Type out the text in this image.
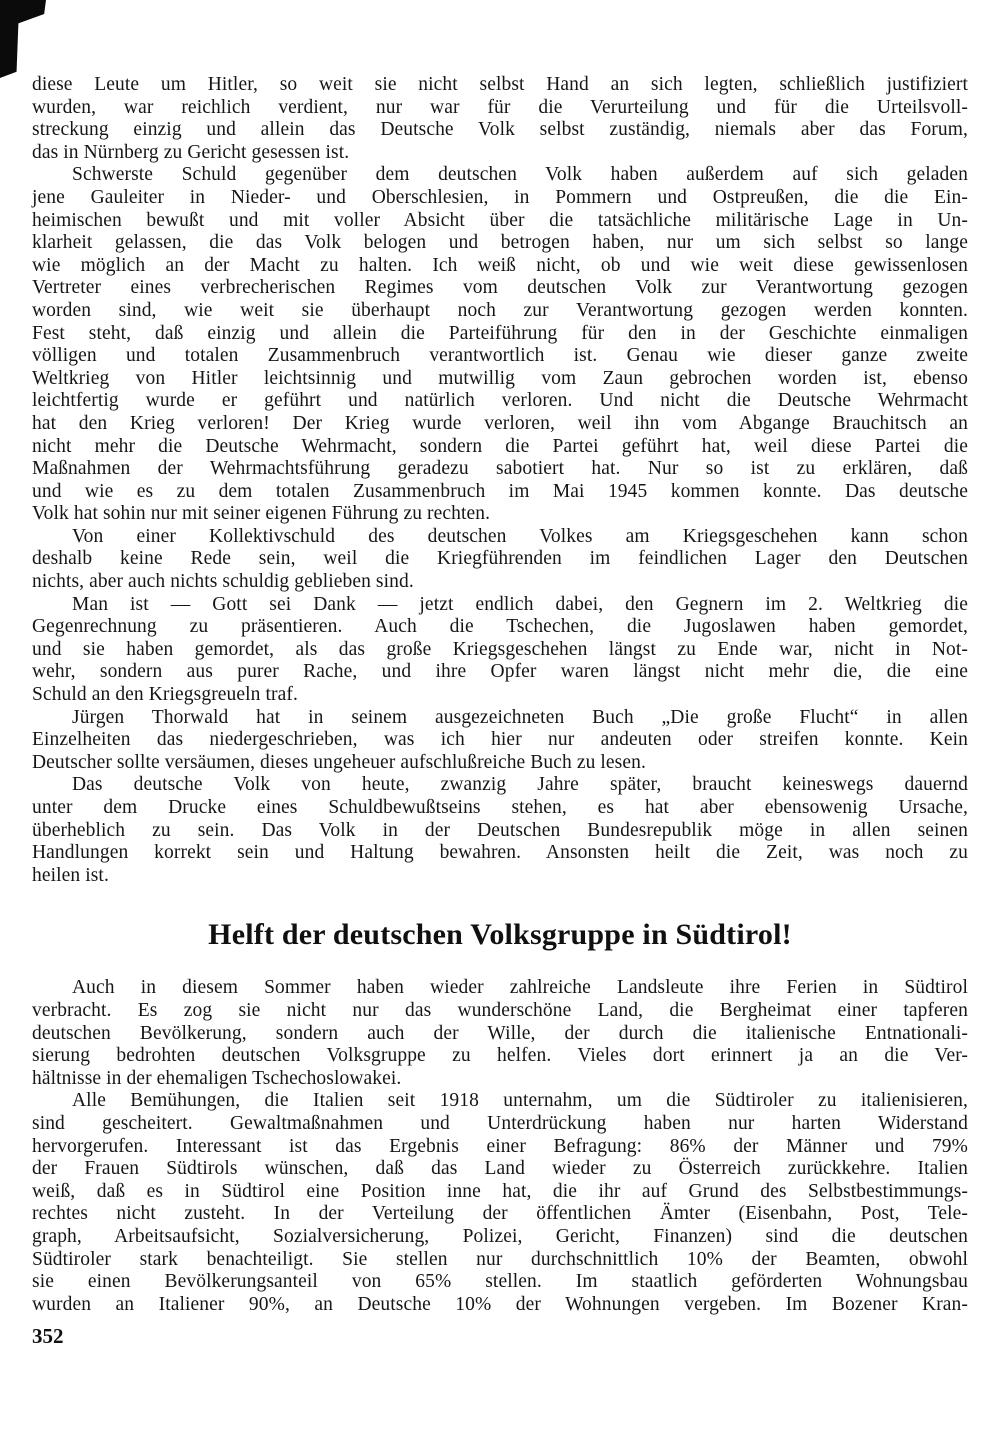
diese Leute um Hitler, so weit sie nicht selbst Hand an sich legten, schließlich justifiziert
wurden, war reichlich verdient, nur war für die Verurteilung und für die Urteilsvoll-
streckung einzig und allein das Deutsche Volk selbst zuständig, niemals aber das Forum,
das in Nürnberg zu Gericht gesessen ist.
Schwerste Schuld gegenüber dem deutschen Volk haben außerdem auf sich geladen
jene Gauleiter in Nieder- und Oberschlesien, in Pommern und Ostpreußen, die die Ein-
heimischen bewußt und mit voller Absicht über die tatsächliche militärische Lage in Un-
klarheit gelassen, die das Volk belogen und betrogen haben, nur um sich selbst so lange
wie möglich an der Macht zu halten. Ich weiß nicht, ob und wie weit diese gewissenlosen
Vertreter eines verbrecherischen Regimes vom deutschen Volk zur Verantwortung gezogen
worden sind, wie weit sie überhaupt noch zur Verantwortung gezogen werden konnten.
Fest steht, daß einzig und allein die Parteiführung für den in der Geschichte einmaligen
völligen und totalen Zusammenbruch verantwortlich ist. Genau wie dieser ganze zweite
Weltkrieg von Hitler leichtsinnig und mutwillig vom Zaun gebrochen worden ist, ebenso
leichtfertig wurde er geführt und natürlich verloren. Und nicht die Deutsche Wehrmacht
hat den Krieg verloren! Der Krieg wurde verloren, weil ihn vom Abgange Brauchitsch an
nicht mehr die Deutsche Wehrmacht, sondern die Partei geführt hat, weil diese Partei die
Maßnahmen der Wehrmachtsführung geradezu sabotiert hat. Nur so ist zu erklären, daß
und wie es zu dem totalen Zusammenbruch im Mai 1945 kommen konnte. Das deutsche
Volk hat sohin nur mit seiner eigenen Führung zu rechten.
Von einer Kollektivschuld des deutschen Volkes am Kriegsgeschehen kann schon
deshalb keine Rede sein, weil die Kriegführenden im feindlichen Lager den Deutschen
nichts, aber auch nichts schuldig geblieben sind.
Man ist — Gott sei Dank — jetzt endlich dabei, den Gegnern im 2. Weltkrieg die
Gegenrechnung zu präsentieren. Auch die Tschechen, die Jugoslawen haben gemordet,
und sie haben gemordet, als das große Kriegsgeschehen längst zu Ende war, nicht in Not-
wehr, sondern aus purer Rache, und ihre Opfer waren längst nicht mehr die, die eine
Schuld an den Kriegsgreueln traf.
Jürgen Thorwald hat in seinem ausgezeichneten Buch „Die große Flucht“ in allen
Einzelheiten das niedergeschrieben, was ich hier nur andeuten oder streifen konnte. Kein
Deutscher sollte versäumen, dieses ungeheuer aufschlußreiche Buch zu lesen.
Das deutsche Volk von heute, zwanzig Jahre später, braucht keineswegs dauernd
unter dem Drucke eines Schuldbewußtseins stehen, es hat aber ebensowenig Ursache,
überheblich zu sein. Das Volk in der Deutschen Bundesrepublik möge in allen seinen
Handlungen korrekt sein und Haltung bewahren. Ansonsten heilt die Zeit, was noch zu
heilen ist.
Helft der deutschen Volksgruppe in Südtirol!
Auch in diesem Sommer haben wieder zahlreiche Landsleute ihre Ferien in Südtirol
verbracht. Es zog sie nicht nur das wunderschöne Land, die Bergheimat einer tapferen
deutschen Bevölkerung, sondern auch der Wille, der durch die italienische Entnationali-
sierung bedrohten deutschen Volksgruppe zu helfen. Vieles dort erinnert ja an die Ver-
hältnisse in der ehemaligen Tschechoslowakei.
Alle Bemühungen, die Italien seit 1918 unternahm, um die Südtiroler zu italienisieren,
sind gescheitert. Gewaltmaßnahmen und Unterdrückung haben nur harten Widerstand
hervorgerufen. Interessant ist das Ergebnis einer Befragung: 86% der Männer und 79%
der Frauen Südtirols wünschen, daß das Land wieder zu Österreich zurückkehre. Italien
weiß, daß es in Südtirol eine Position inne hat, die ihr auf Grund des Selbstbestimmungs-
rechtes nicht zusteht. In der Verteilung der öffentlichen Ämter (Eisenbahn, Post, Tele-
graph, Arbeitsaufsicht, Sozialversicherung, Polizei, Gericht, Finanzen) sind die deutschen
Südtiroler stark benachteiligt. Sie stellen nur durchschnittlich 10% der Beamten, obwohl
sie einen Bevölkerungsanteil von 65% stellen. Im staatlich geförderten Wohnungsbau
wurden an Italiener 90%, an Deutsche 10% der Wohnungen vergeben. Im Bozener Kran-
352
